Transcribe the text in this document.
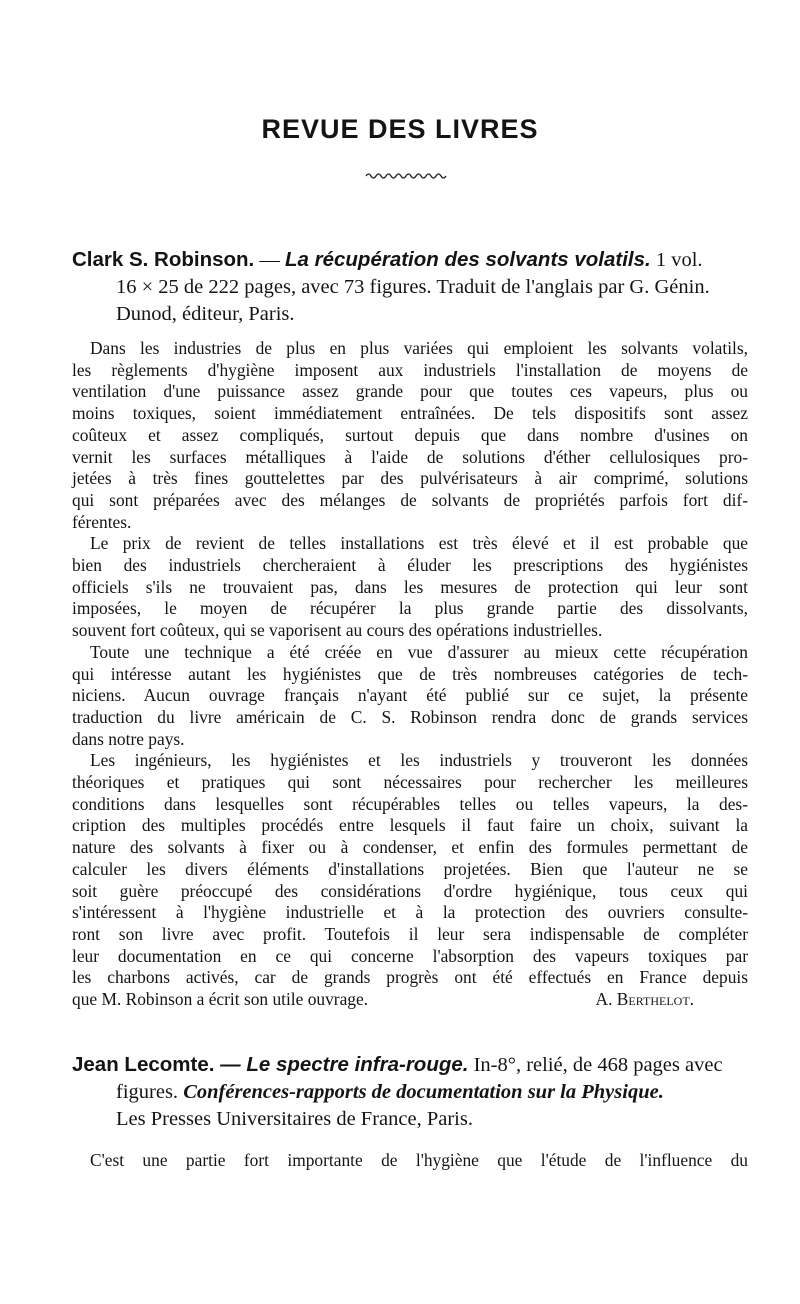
REVUE DES LIVRES

Clark S. Robinson. — La récupération des solvants volatils. 1 vol.
16 × 25 de 222 pages, avec 73 figures. Traduit de l'anglais par G. Génin.
Dunod, éditeur, Paris.

Dans les industries de plus en plus variées qui emploient les solvants volatils,
les règlements d'hygiène imposent aux industriels l'installation de moyens de
ventilation d'une puissance assez grande pour que toutes ces vapeurs, plus ou
moins toxiques, soient immédiatement entraînées. De tels dispositifs sont assez
coûteux et assez compliqués, surtout depuis que dans nombre d'usines on
vernit les surfaces métalliques à l'aide de solutions d'éther cellulosiques pro-
jetées à très fines gouttelettes par des pulvérisateurs à air comprimé, solutions
qui sont préparées avec des mélanges de solvants de propriétés parfois fort dif-
férentes.

Le prix de revient de telles installations est très élevé et il est probable que
bien des industriels chercheraient à éluder les prescriptions des hygiénistes
officiels s'ils ne trouvaient pas, dans les mesures de protection qui leur sont
imposées, le moyen de récupérer la plus grande partie des dissolvants,
souvent fort coûteux, qui se vaporisent au cours des opérations industrielles.

Toute une technique a été créée en vue d'assurer au mieux cette récupération
qui intéresse autant les hygiénistes que de très nombreuses catégories de tech-
niciens. Aucun ouvrage français n'ayant été publié sur ce sujet, la présente
traduction du livre américain de C. S. Robinson rendra donc de grands services
dans notre pays.

Les ingénieurs, les hygiénistes et les industriels y trouveront les données
théoriques et pratiques qui sont nécessaires pour rechercher les meilleures
conditions dans lesquelles sont récupérables telles ou telles vapeurs, la des-
cription des multiples procédés entre lesquels il faut faire un choix, suivant la
nature des solvants à fixer ou à condenser, et enfin des formules permettant de
calculer les divers éléments d'installations projetées. Bien que l'auteur ne se
soit guère préoccupé des considérations d'ordre hygiénique, tous ceux qui
s'intéressent à l'hygiène industrielle et à la protection des ouvriers consulte-
ront son livre avec profit. Toutefois il leur sera indispensable de compléter
leur documentation en ce qui concerne l'absorption des vapeurs toxiques par
les charbons activés, car de grands progrès ont été effectués en France depuis
que M. Robinson a écrit son utile ouvrage.	A. Berthelot.

Jean Lecomte. — Le spectre infra-rouge. In-8°, relié, de 468 pages avec
figures. Conférences-rapports de documentation sur la Physique.
Les Presses Universitaires de France, Paris.

C'est une partie fort importante de l'hygiène que l'étude de l'influence du
